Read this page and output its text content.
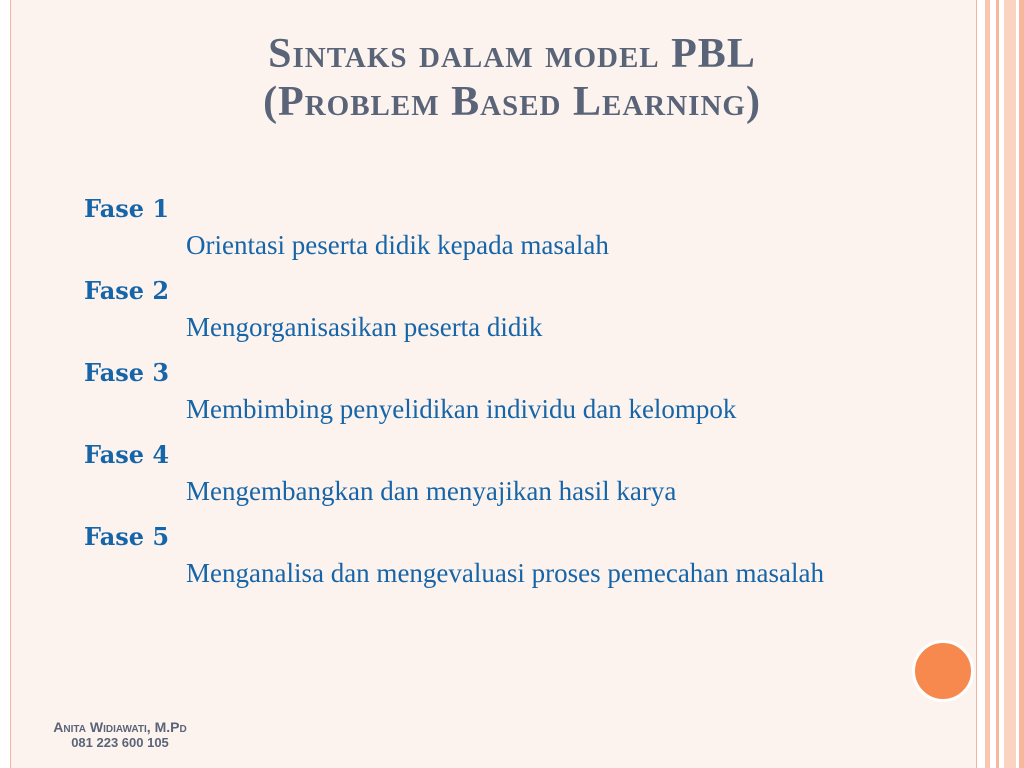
Sintaks dalam model PBL
(Problem Based Learning)
Fase 1
Orientasi peserta didik kepada masalah
Fase 2
Mengorganisasikan peserta didik
Fase 3
Membimbing penyelidikan individu dan kelompok
Fase 4
Mengembangkan dan menyajikan hasil karya
Fase 5
Menganalisa dan mengevaluasi proses pemecahan masalah
Anita Widiawati, M.Pd
081 223 600 105
